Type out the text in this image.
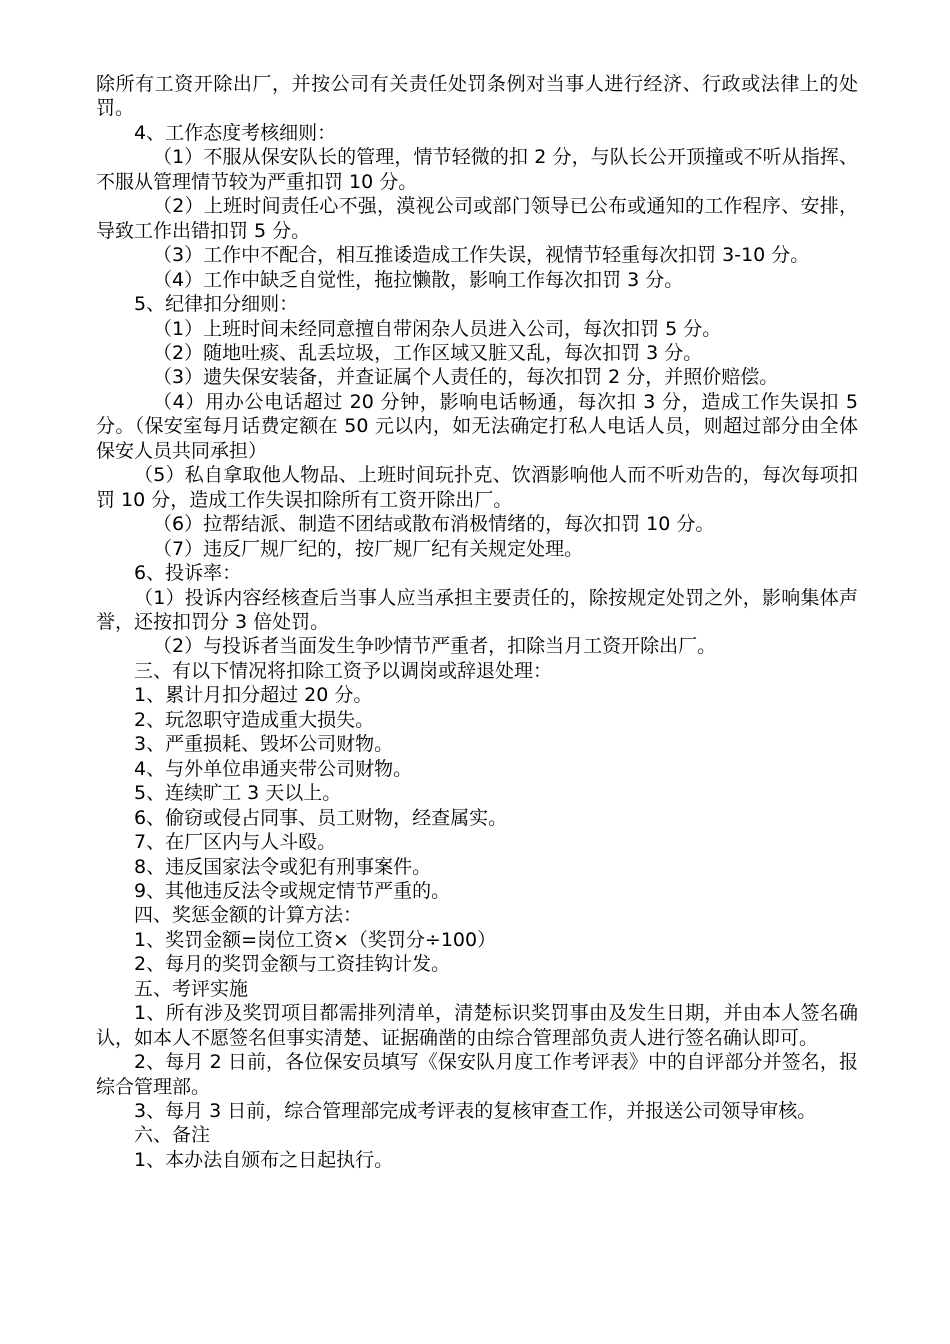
除所有工资开除出厂，并按公司有关责任处罚条例对当事人进行经济、行政或法律上的处罚。

4、工作态度考核细则：

（1）不服从保安队长的管理，情节轻微的扣 2 分，与队长公开顶撞或不听从指挥、不服从管理情节较为严重扣罚 10 分。

（2）上班时间责任心不强，漠视公司或部门领导已公布或通知的工作程序、安排，导致工作出错扣罚 5 分。

（3）工作中不配合，相互推诿造成工作失误，视情节轻重每次扣罚 3-10 分。

（4）工作中缺乏自觉性，拖拉懒散，影响工作每次扣罚 3 分。

5、纪律扣分细则：

（1）上班时间未经同意擅自带闲杂人员进入公司，每次扣罚 5 分。

（2）随地吐痰、乱丢垃圾，工作区域又脏又乱，每次扣罚 3 分。

（3）遗失保安装备，并查证属个人责任的，每次扣罚 2 分，并照价赔偿。

（4）用办公电话超过 20 分钟，影响电话畅通，每次扣 3 分，造成工作失误扣 5 分。（保安室每月话费定额在 50 元以内，如无法确定打私人电话人员，则超过部分由全体保安人员共同承担）

（5）私自拿取他人物品、上班时间玩扑克、饮酒影响他人而不听劝告的，每次每项扣罚 10 分，造成工作失误扣除所有工资开除出厂。

（6）拉帮结派、制造不团结或散布消极情绪的，每次扣罚 10 分。

（7）违反厂规厂纪的，按厂规厂纪有关规定处理。

6、投诉率：

（1）投诉内容经核查后当事人应当承担主要责任的，除按规定处罚之外，影响集体声誉，还按扣罚分 3 倍处罚。

（2）与投诉者当面发生争吵情节严重者，扣除当月工资开除出厂。

三、有以下情况将扣除工资予以调岗或辞退处理：

1、累计月扣分超过 20 分。

2、玩忽职守造成重大损失。

3、严重损耗、毁坏公司财物。

4、与外单位串通夹带公司财物。

5、连续旷工 3 天以上。

6、偷窃或侵占同事、员工财物，经查属实。

7、在厂区内与人斗殴。

8、违反国家法令或犯有刑事案件。

9、其他违反法令或规定情节严重的。

四、奖惩金额的计算方法：

1、奖罚金额=岗位工资×（奖罚分÷100）

2、每月的奖罚金额与工资挂钩计发。

五、考评实施

1、所有涉及奖罚项目都需排列清单，清楚标识奖罚事由及发生日期，并由本人签名确认，如本人不愿签名但事实清楚、证据确凿的由综合管理部负责人进行签名确认即可。

2、每月 2 日前，各位保安员填写《保安队月度工作考评表》中的自评部分并签名，报综合管理部。

3、每月 3 日前，综合管理部完成考评表的复核审查工作，并报送公司领导审核。

六、备注

1、本办法自颁布之日起执行。
